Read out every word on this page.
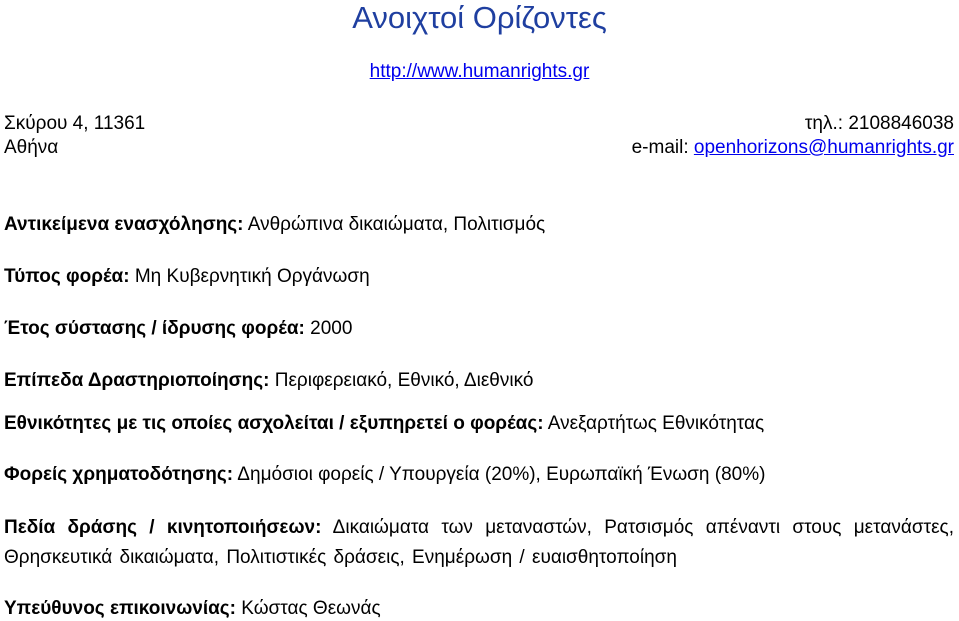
Ανοιχτοί Ορίζοντες
http://www.humanrights.gr
Σκύρου 4, 11361
Αθήνα
τηλ.: 2108846038
e-mail: openhorizons@humanrights.gr
Αντικείμενα ενασχόλησης: Ανθρώπινα δικαιώματα, Πολιτισμός
Τύπος φορέα: Μη Κυβερνητική Οργάνωση
Έτος σύστασης / ίδρυσης φορέα: 2000
Επίπεδα Δραστηριοποίησης: Περιφερειακό, Εθνικό, Διεθνικό
Εθνικότητες με τις οποίες ασχολείται / εξυπηρετεί ο φορέας: Ανεξαρτήτως Εθνικότητας
Φορείς χρηματοδότησης: Δημόσιοι φορείς / Υπουργεία (20%), Ευρωπαϊκή Ένωση (80%)
Πεδία δράσης / κινητοποιήσεων: Δικαιώματα των μεταναστών, Ρατσισμός απέναντι στους μετανάστες, Θρησκευτικά δικαιώματα, Πολιτιστικές δράσεις, Ενημέρωση / ευαισθητοποίηση
Υπεύθυνος επικοινωνίας: Κώστας Θεωνάς
